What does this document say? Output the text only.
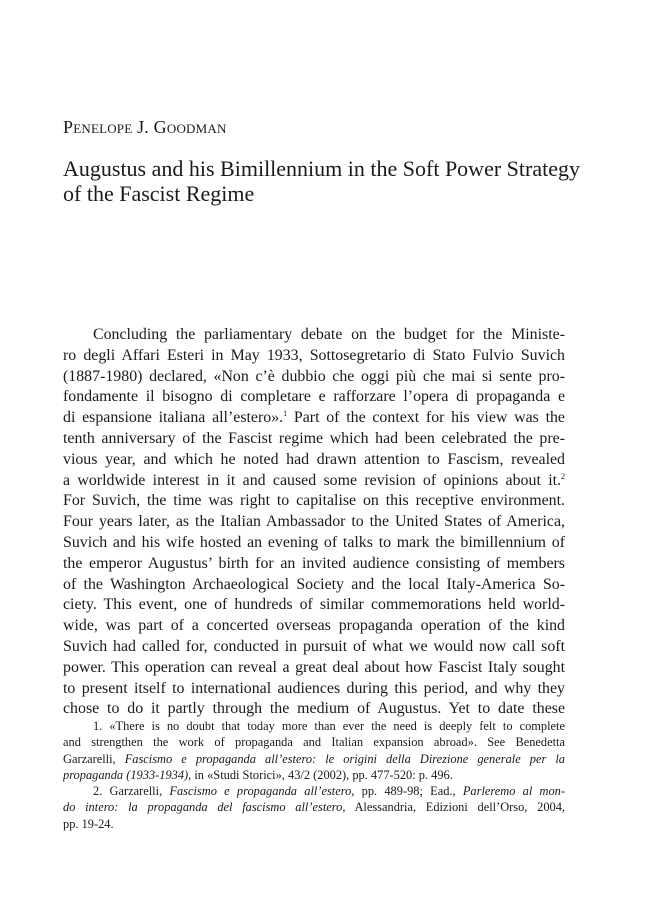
Penelope J. Goodman
Augustus and his Bimillennium in the Soft Power Strategy
of the Fascist Regime
Concluding the parliamentary debate on the budget for the Ministe-
ro degli Affari Esteri in May 1933, Sottosegretario di Stato Fulvio Suvich
(1887-1980) declared, «Non c’è dubbio che oggi più che mai si sente pro-
fondamente il bisogno di completare e rafforzare l’opera di propaganda e
di espansione italiana all’estero».$^1$ Part of the context for his view was the
tenth anniversary of the Fascist regime which had been celebrated the pre-
vious year, and which he noted had drawn attention to Fascism, revealed
a worldwide interest in it and caused some revision of opinions about it.$^2$
For Suvich, the time was right to capitalise on this receptive environment.
Four years later, as the Italian Ambassador to the United States of America,
Suvich and his wife hosted an evening of talks to mark the bimillennium of
the emperor Augustus’ birth for an invited audience consisting of members
of the Washington Archaeological Society and the local Italy-America So-
ciety. This event, one of hundreds of similar commemorations held world-
wide, was part of a concerted overseas propaganda operation of the kind
Suvich had called for, conducted in pursuit of what we would now call soft
power. This operation can reveal a great deal about how Fascist Italy sought
to present itself to international audiences during this period, and why they
chose to do it partly through the medium of Augustus. Yet to date these
1. «There is no doubt that today more than ever the need is deeply felt to complete
and strengthen the work of propaganda and Italian expansion abroad». See Benedetta
Garzarelli, Fascismo e propaganda all’estero: le origini della Direzione generale per la
propaganda (1933-1934), in «Studi Storici», 43/2 (2002), pp. 477-520: p. 496.
2. Garzarelli, Fascismo e propaganda all’estero, pp. 489-98; Ead., Parleremo al mon-
do intero: la propaganda del fascismo all’estero, Alessandria, Edizioni dell’Orso, 2004,
pp. 19-24.
